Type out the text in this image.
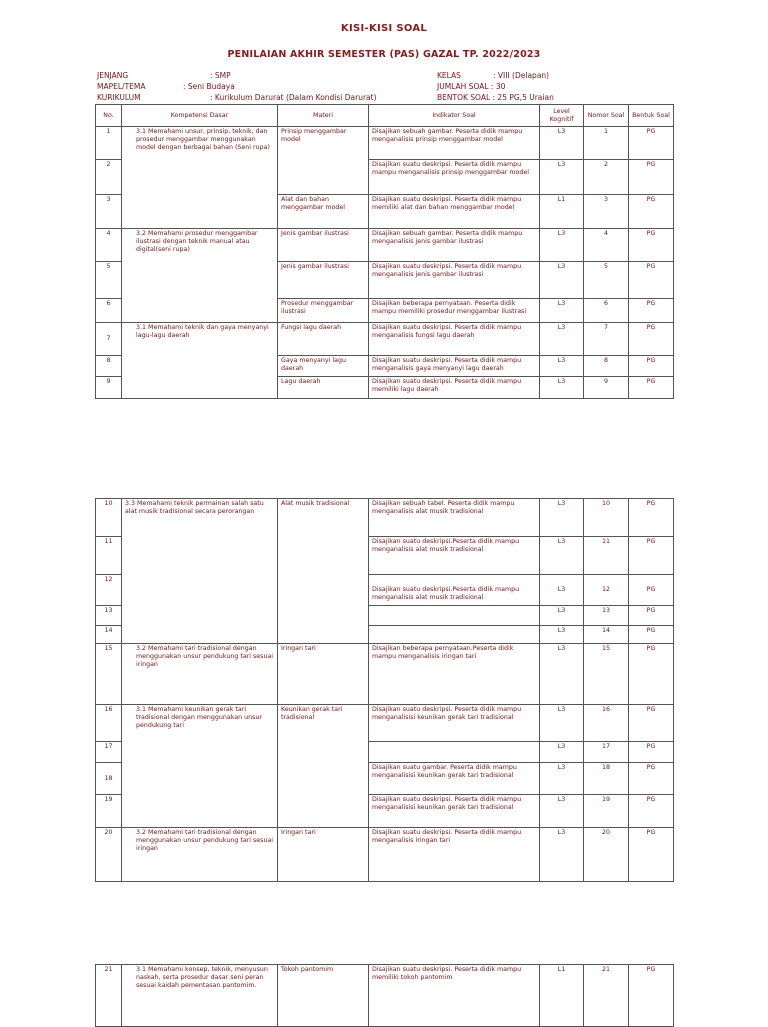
KISI-KISI SOAL
PENILAIAN AKHIR SEMESTER (PAS) GAZAL TP. 2022/2023
JENJANG	: SMP
MAPEL/TEMA	: Seni Budaya
KURIKULUM	: Kurikulum Darurat (Dalam Kondisi Darurat)
KELAS	: VIII (Delapan)
JUMLAH SOAL : 30
BENTOK SOAL : 25 PG,5 Uraian
No.	Kompetensi Dasar	Materi	Indikator Soal	Level Kognitif	Nomor Soal	Bentuk Soal
1	3.1 Memahami unsur, prinsip, teknik, dan prosedur menggambar menggunakan model dengan berbagai bahan (Seni rupa)	Prinsip menggambar model	Disajikan sebuah gambar. Peserta didik mampu menganalisis prinsip menggambar model	L3	1	PG
2			Disajikan suatu deskripsi. Peserta didik mampu mampu menganalisis prinsip menggambar model	L3	2	PG
3		Alat dan bahan menggambar model	Disajikan suatu deskripsi. Peserta didik mampu memiliki alat dan bahan menggambar model	L1	3	PG
4	3.2 Memahami prosedur menggambar ilustrasi dengan teknik manual atau digital(seni rupa)	Jenis gambar ilustrasi	Disajikan sebuah gambar. Peserta didik mampu menganalisis jenis gambar ilustrasi	L3	4	PG
5		Jenis gambar ilustrasi	Disajikan suatu deskripsi. Peserta didik mampu menganalisis jenis gambar ilustrasi	L3	5	PG
6		Prosedur menggambar ilustrasi	Disajikan beberapa pernyataan. Peserta didik mampu memiliki prosedur menggambar ilustrasi	L3	6	PG
7	3.1 Memahami teknik dan gaya menyanyi lagu-lagu daerah	Fungsi lagu daerah	Disajikan suatu deskripsi. Peserta didik mampu menganalisis fungsi lagu daerah	L3	7	PG
8		Gaya menyanyi lagu daerah	Disajikan suatu deskripsi. Peserta didik mampu menganalisis gaya menyanyi lagu daerah	L3	8	PG
9		Lagu daerah	Disajikan suatu deskripsi. Peserta didik mampu memiliki lagu daerah	L3	9	PG
10	3.3 Memahami teknik permainan salah satu alat musik tradisional secara perorangan	Alat musik tradisional	Disajikan sebuah tabel. Peserta didik mampu menganalisis alat musik tradisional	L3	10	PG
11			Disajikan suatu deskripsi.Peserta didik mampu menganalisis alat musik tradisional	L3	11	PG
12			Disajikan suatu deskripsi.Peserta didik mampu menganalisis alat musik tradisional	L3	12	PG
13				L3	13	PG
14				L3	14	PG
15	3.2 Memahami tari tradisional dengan menggunakan unsur pendukung tari sesuai iringan	Iringan tari	Disajikan beberapa pernyataan.Peserta didik mampu menganalisis iringan tari	L3	15	PG
16	3.1 Memahami keunikan gerak tari tradisional dengan menggunakan unsur pendukung tari	Keunikan gerak tari tradisional	Disajikan suatu deskripsi. Peserta didik mampu menganalisisi keunikan gerak tari tradisional	L3	16	PG
17				L3	17	PG
18			Disajikan suatu gambar. Peserta didik mampu menganalisisi keunikan gerak tari tradisional	L3	18	PG
19			Disajikan suatu deskripsi. Peserta didik mampu menganalisisi keunikan gerak tari tradisional	L3	19	PG
20	3.2 Memahami tari tradisional dengan menggunakan unsur pendukung tari sesuai iringan	Iringan tari	Disajikan suatu deskripsi. Peserta didik mampu menganalisis iringan tari	L3	20	PG
21	3.1 Memahami konsep, teknik, menyusun naskah, serta prosedur dasar seni peran sesuai kaidah pementasan pantomim.	Tokoh pantomim	Disajikan suatu deskripsi. Peserta didik mampu memiliki tokoh pantomim	L1	21	PG
